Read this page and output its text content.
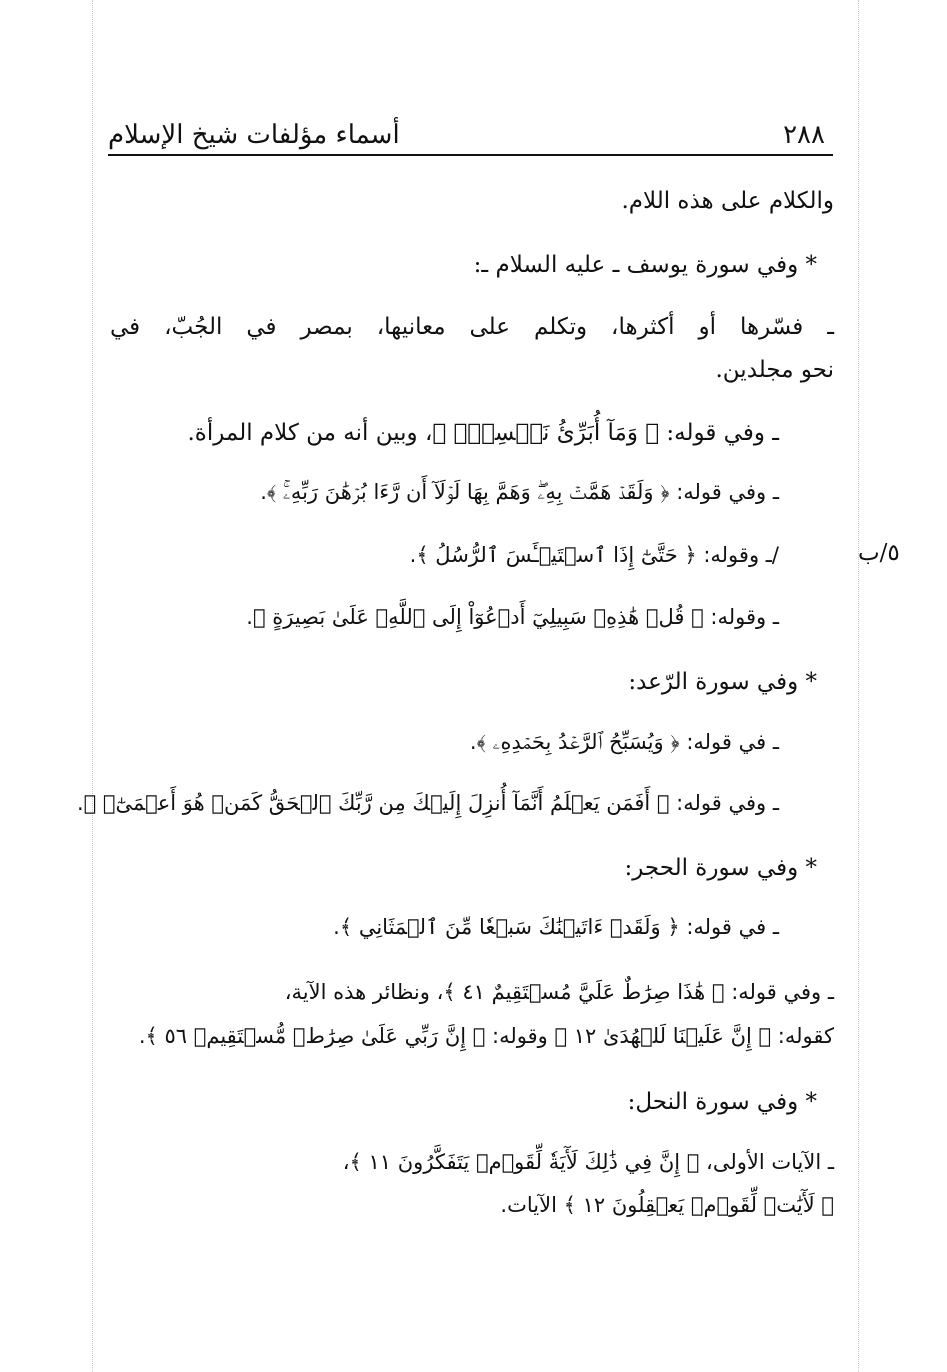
أسماء مؤلفات شيخ الإسلام	٢٨٨
٥/ب
والكلام على هذه اللام.
* وفي سورة يوسف ـ عليه السلام ـ:
ـ فسّرها أو أكثرها، وتكلم على معانيها، بمصر في الجُبّ، في
نحو مجلدين.
ـ وفي قوله: ﴿ وَمَآ أُبَرِّئُ نَفۡسِيٓۚ ﴾، وبين أنه من كلام المرأة.
ـ وفي قوله: ﴿ وَلَقَدۡ هَمَّتۡ بِهِۦۖ وَهَمَّ بِهَا لَوۡلَآ أَن رَّءَا بُرۡهَٰنَ رَبِّهِۦۚ ﴾.
/ـ وقوله: ﴿ حَتَّىٰٓ إِذَا ٱسۡتَيۡـَٔسَ ٱلرُّسُلُ ﴾.
ـ وقوله: ﴿ قُلۡ هَٰذِهِۦ سَبِيلِيٓ أَدۡعُوٓاْ إِلَى ٱللَّهِۚ عَلَىٰ بَصِيرَةٍ ﴾.
* وفي سورة الرّعد:
ـ في قوله: ﴿ وَيُسَبِّحُ ٱلرَّعۡدُ بِحَمۡدِهِۦ ﴾.
ـ وفي قوله: ﴿ أَفَمَن يَعۡلَمُ أَنَّمَآ أُنزِلَ إِلَيۡكَ مِن رَّبِّكَ ٱلۡحَقُّ كَمَنۡ هُوَ أَعۡمَىٰٓۚ ﴾.
* وفي سورة الحجر:
ـ في قوله: ﴿ وَلَقَدۡ ءَاتَيۡنَٰكَ سَبۡعٗا مِّنَ ٱلۡمَثَانِي ﴾.
ـ وفي قوله: ﴿ هَٰذَا صِرَٰطٌ عَلَيَّ مُسۡتَقِيمٌ ٤١ ﴾، ونظائر هذه الآية،
كقوله: ﴿ إِنَّ عَلَيۡنَا لَلۡهُدَىٰ ١٢ ﴾ وقوله: ﴿ إِنَّ رَبِّي عَلَىٰ صِرَٰطٖ مُّسۡتَقِيمٖ ٥٦ ﴾.
* وفي سورة النحل:
ـ الآيات الأولى، ﴿ إِنَّ فِي ذَٰلِكَ لَأٓيَةٗ لِّقَوۡمٖ يَتَفَكَّرُونَ ١١ ﴾،
﴿ لَأٓيَٰتٖ لِّقَوۡمٖ يَعۡقِلُونَ ١٢ ﴾ الآيات.
